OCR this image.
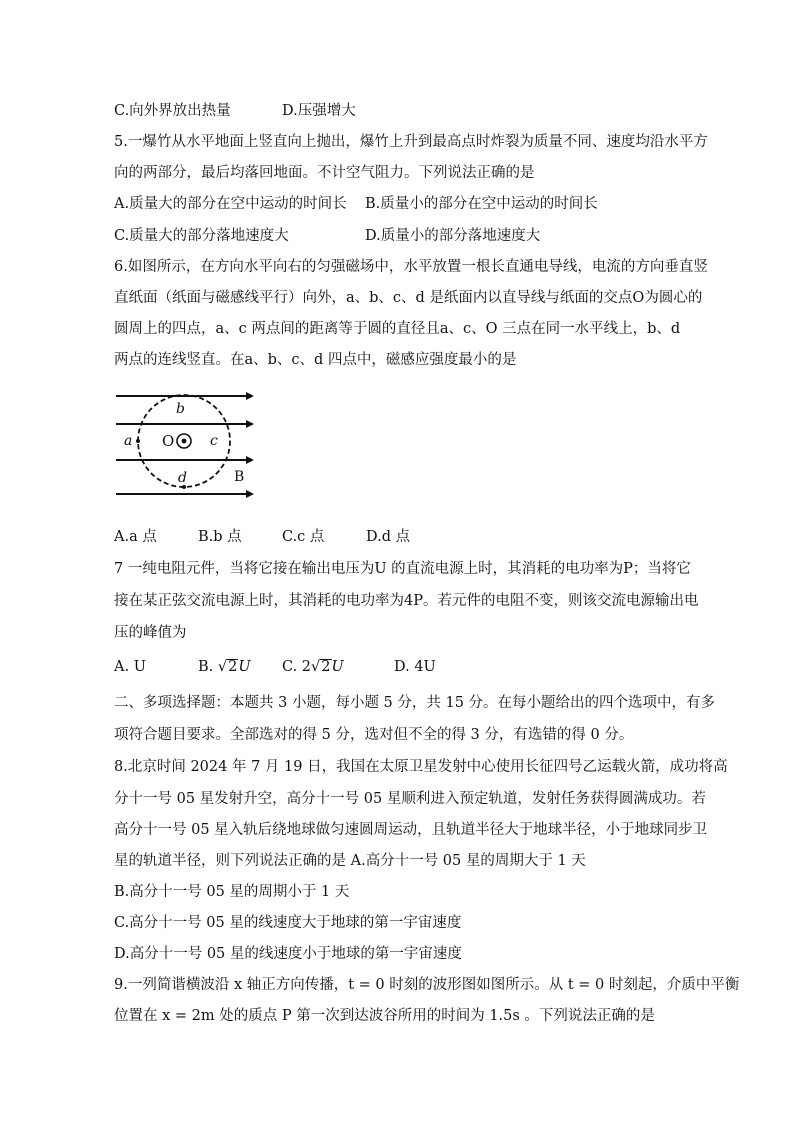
C.向外界放出热量	D.压强增大
5.一爆竹从水平地面上竖直向上抛出，爆竹上升到最高点时炸裂为质量不同、速度均沿水平方
向的两部分，最后均落回地面。不计空气阻力。下列说法正确的是
A.质量大的部分在空中运动的时间长 B.质量小的部分在空中运动的时间长
C.质量大的部分落地速度大	D.质量小的部分落地速度大
6.如图所示，在方向水平向右的匀强磁场中，水平放置一根长直通电导线，电流的方向垂直竖
直纸面（纸面与磁感线平行）向外，a、b、c、d 是纸面内以直导线与纸面的交点O为圆心的
圆周上的四点，a、c 两点间的距离等于圆的直径且a、c、O 三点在同一水平线上，b、d
两点的连线竖直。在a、b、c、d 四点中，磁感应强度最小的是
b
a	c
d
O
B
A.a 点	B.b 点	C.c 点	D.d 点
7 一纯电阻元件，当将它接在输出电压为U 的直流电源上时，其消耗的电功率为P；当将它
接在某正弦交流电源上时，其消耗的电功率为4P。若元件的电阻不变，则该交流电源输出电
压的峰值为
A. U	B. √2U C. 2√2U	D. 4U
二、多项选择题：本题共 3 小题，每小题 5 分，共 15 分。在每小题给出的四个选项中，有多
项符合题目要求。全部选对的得 5 分，选对但不全的得 3 分，有选错的得 0 分。
8.北京时间 2024 年 7 月 19 日，我国在太原卫星发射中心使用长征四号乙运载火箭，成功将高
分十一号 05 星发射升空，高分十一号 05 星顺利进入预定轨道，发射任务获得圆满成功。若
高分十一号 05 星入轨后绕地球做匀速圆周运动，且轨道半径大于地球半径，小于地球同步卫
星的轨道半径，则下列说法正确的是 A.高分十一号 05 星的周期大于 1 天
B.高分十一号 05 星的周期小于 1 天
C.高分十一号 05 星的线速度大于地球的第一宇宙速度
D.高分十一号 05 星的线速度小于地球的第一宇宙速度
9.一列简谐横波沿 x 轴正方向传播，t = 0 时刻的波形图如图所示。从 t = 0 时刻起，介质中平衡
位置在 x = 2m 处的质点 P 第一次到达波谷所用的时间为 1.5s 。下列说法正确的是
